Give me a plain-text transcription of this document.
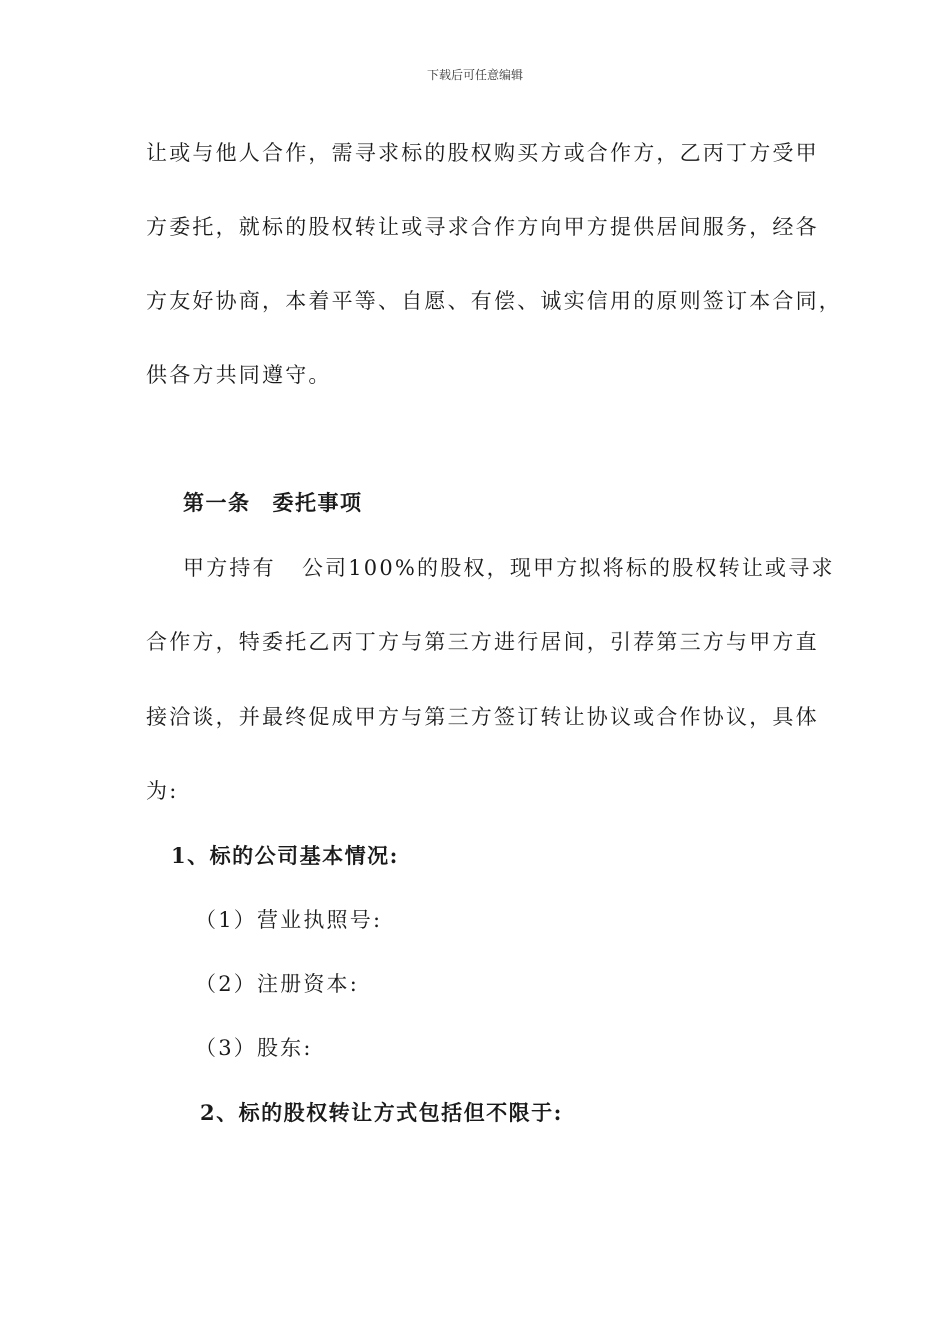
下载后可任意编辑
让或与他人合作，需寻求标的股权购买方或合作方，乙丙丁方受甲
方委托，就标的股权转让或寻求合作方向甲方提供居间服务，经各
方友好协商，本着平等、自愿、有偿、诚实信用的原则签订本合同，
供各方共同遵守。
第一条 委托事项
甲方持有 公司100%的股权，现甲方拟将标的股权转让或寻求
合作方，特委托乙丙丁方与第三方进行居间，引荐第三方与甲方直
接洽谈，并最终促成甲方与第三方签订转让协议或合作协议，具体
为:
1、标的公司基本情况:
（1）营业执照号:
（2）注册资本:
（3）股东:
2、标的股权转让方式包括但不限于:
